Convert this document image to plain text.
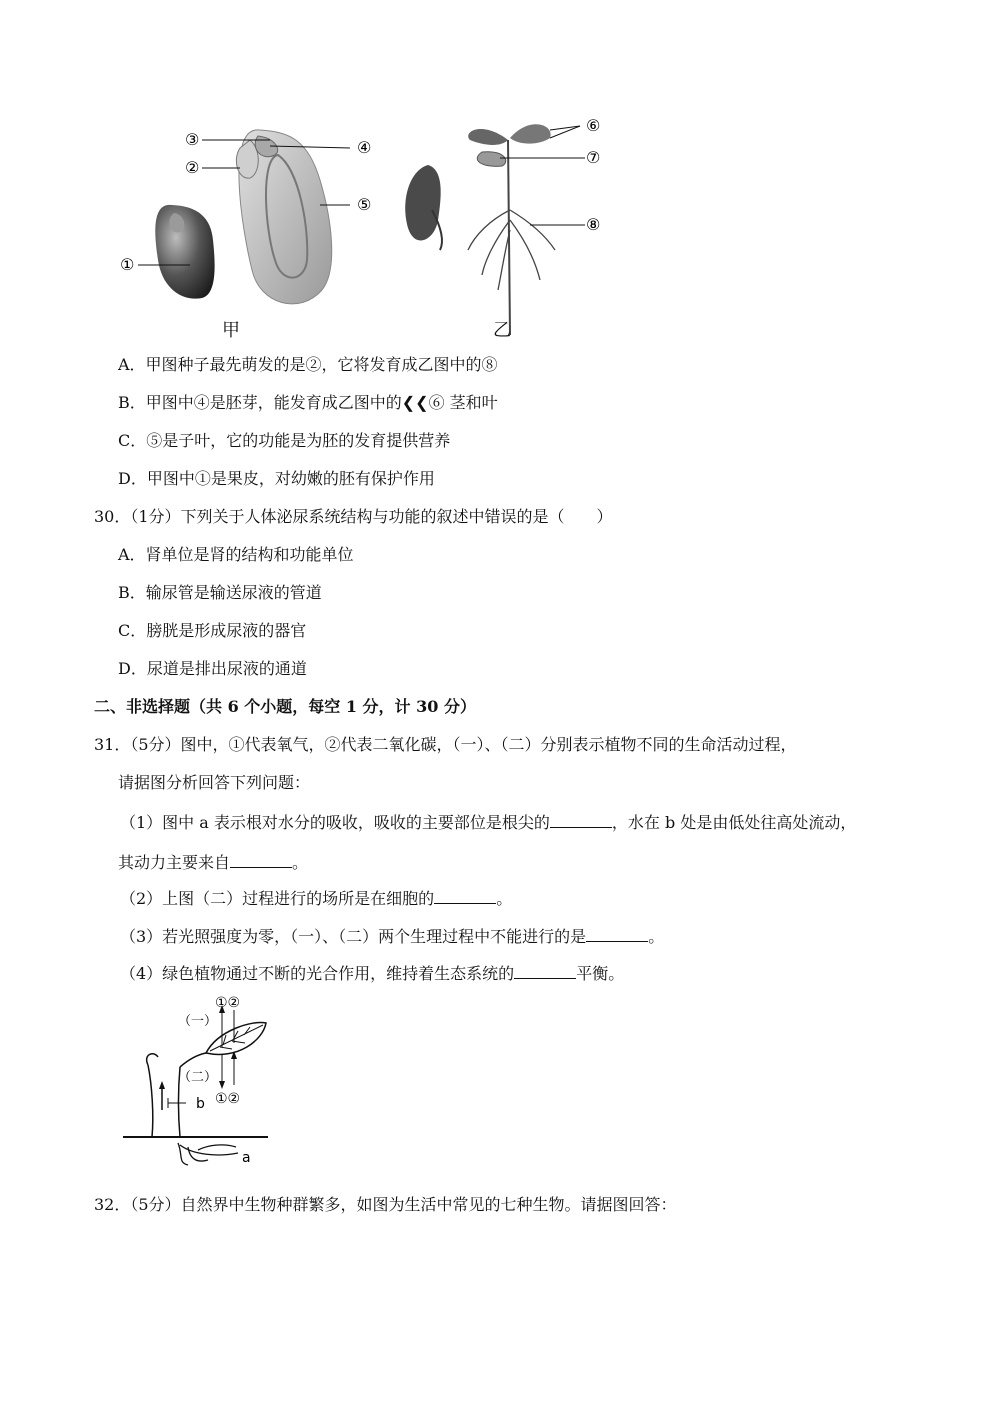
③
②
④
⑤
①
⑥
⑦
⑧
甲	乙
A．甲图种子最先萌发的是②，它将发育成乙图中的⑧
B．甲图中④是胚芽，能发育成乙图中的❮❮⑥ 茎和叶
C．⑤是子叶，它的功能是为胚的发育提供营养
D．甲图中①是果皮，对幼嫩的胚有保护作用
30．（1分）下列关于人体泌尿系统结构与功能的叙述中错误的是（　　）
A．肾单位是肾的结构和功能单位
B．输尿管是输送尿液的管道
C．膀胱是形成尿液的器官
D．尿道是排出尿液的通道
二、非选择题（共 6 个小题，每空 1 分，计 30 分）
31．（5分）图中，①代表氧气，②代表二氧化碳，（一）、（二）分别表示植物不同的生命活动过程，
请据图分析回答下列问题：
（1）图中 a 表示根对水分的吸收，吸收的主要部位是根尖的	，水在 b 处是由低处往高处流动，
其动力主要来自	。
（2）上图（二）过程进行的场所是在细胞的	。
（3）若光照强度为零，（一）、（二）两个生理过程中不能进行的是	。
（4）绿色植物通过不断的光合作用，维持着生态系统的	平衡。
①②
（一）
（二）
①②
b
a
32．（5分）自然界中生物种群繁多，如图为生活中常见的七种生物。请据图回答：
